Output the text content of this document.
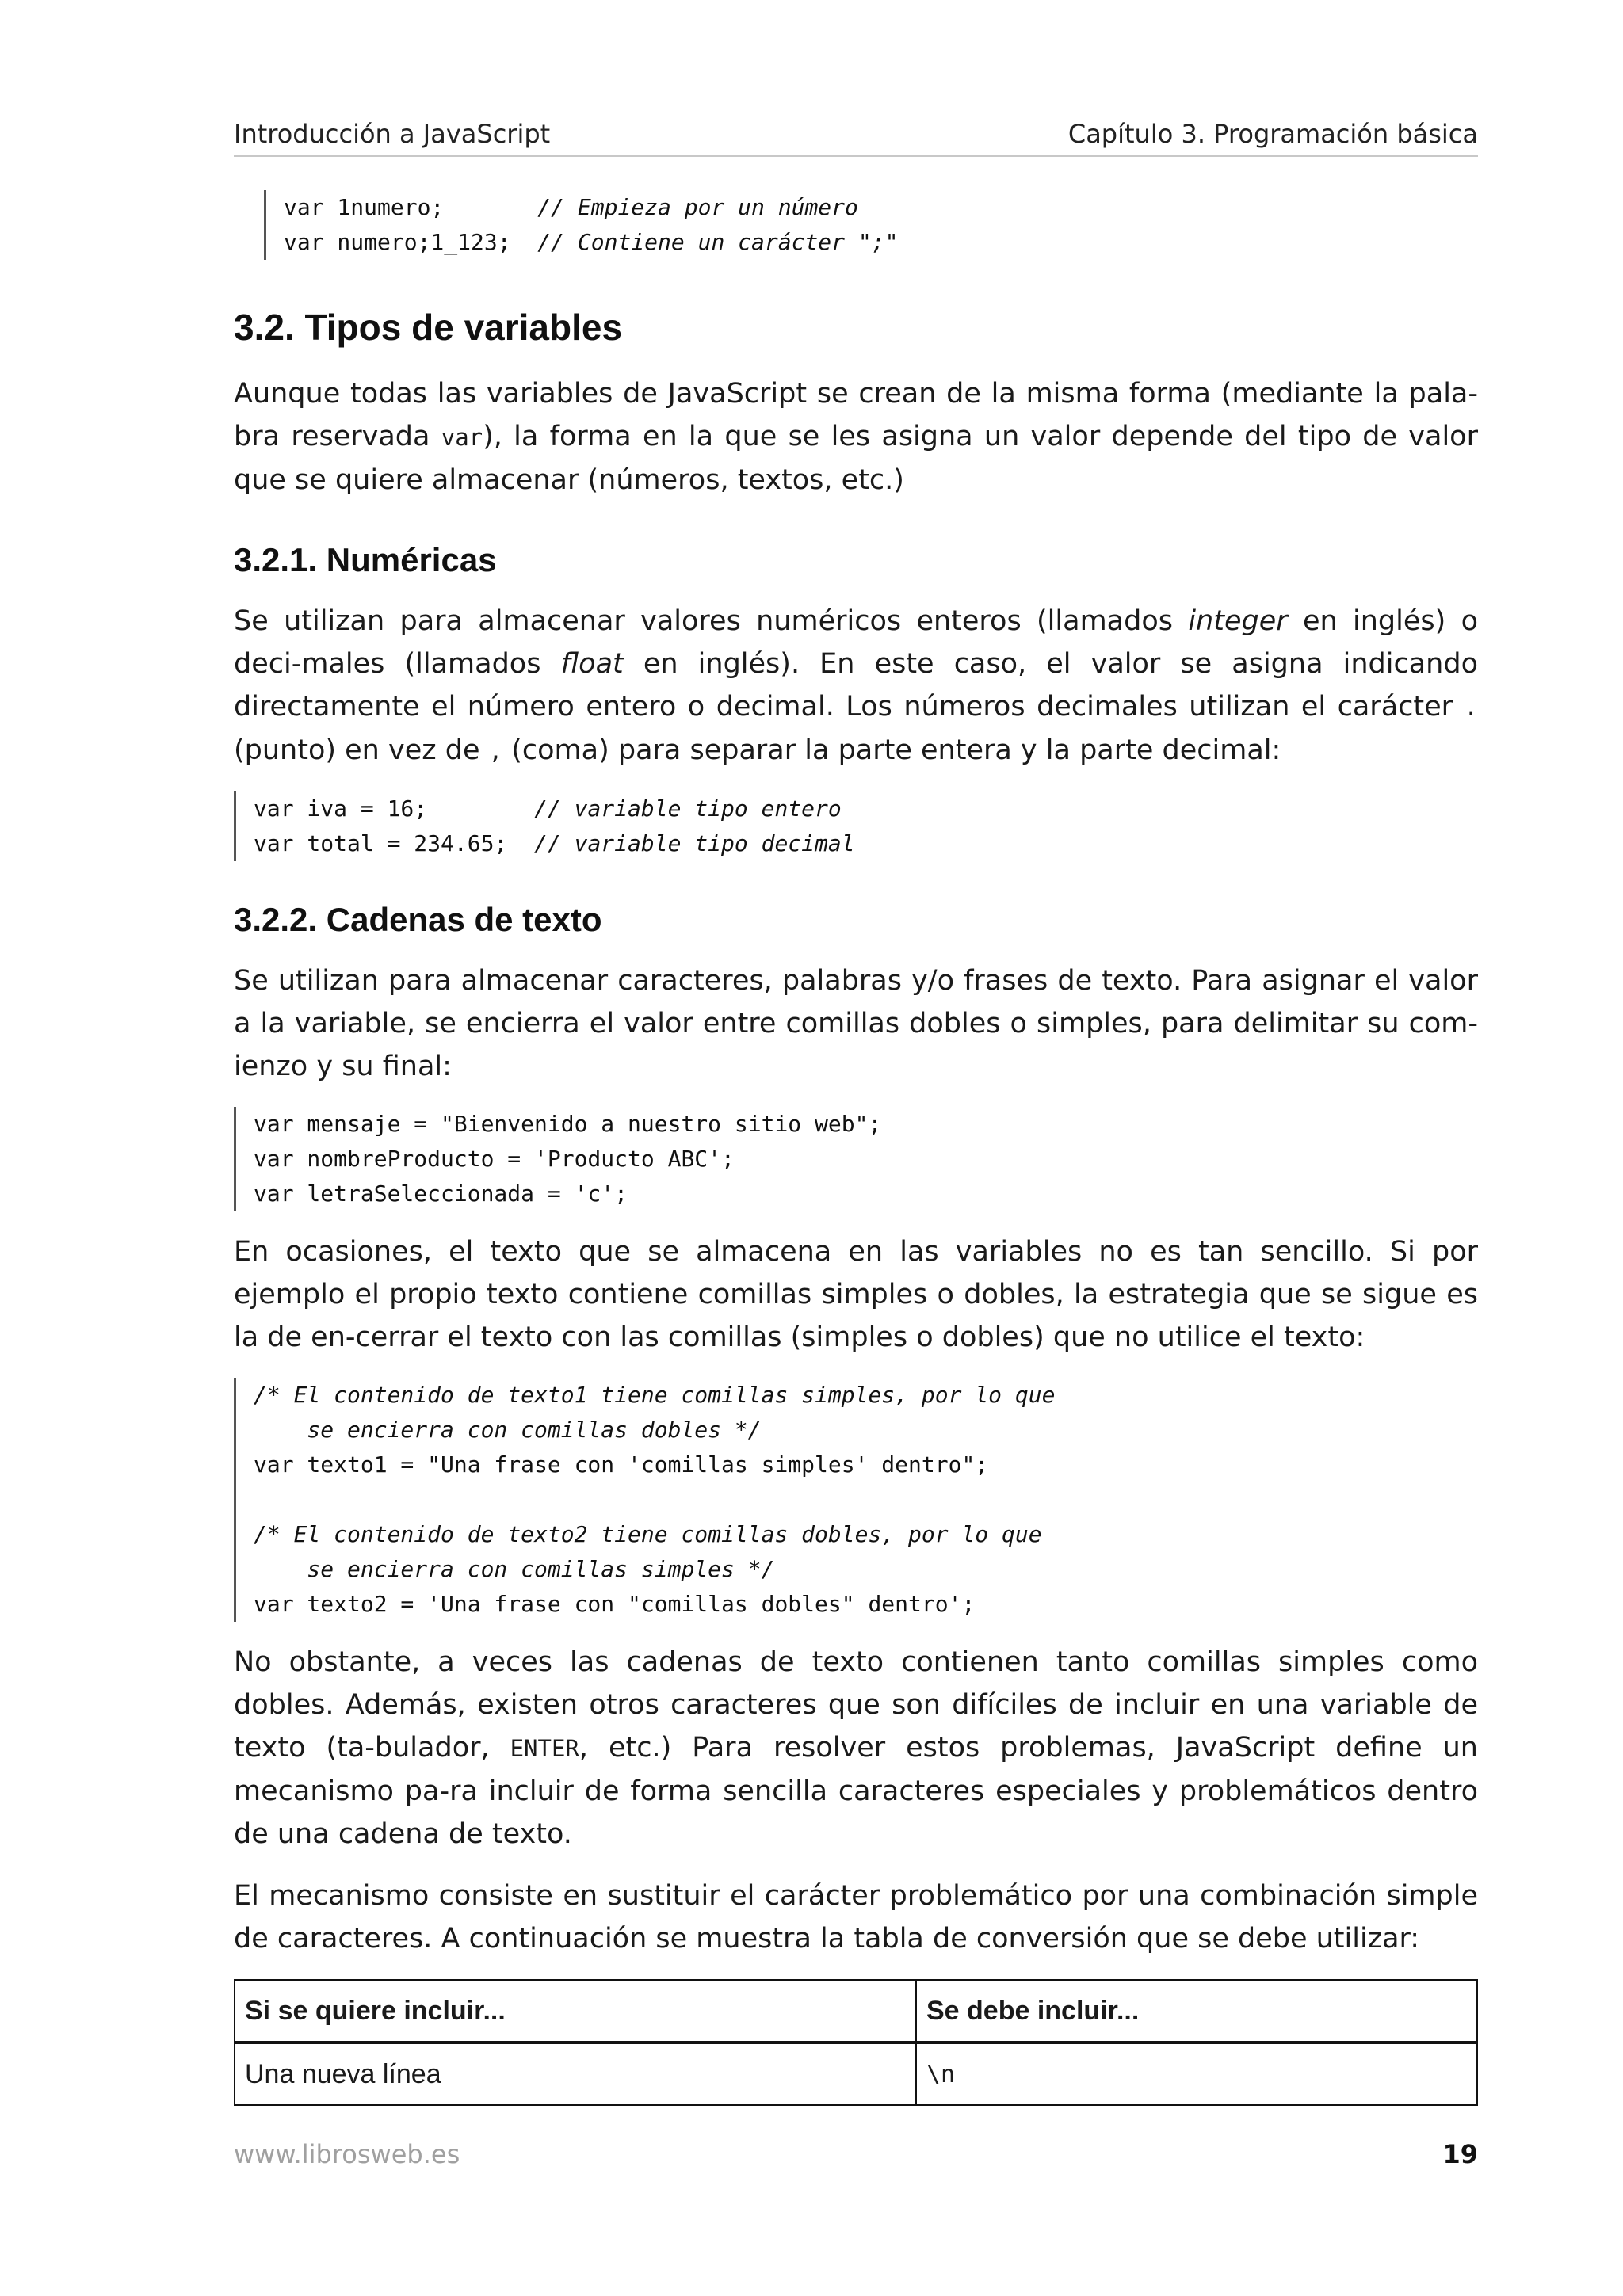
Introducción a JavaScript	Capítulo 3. Programación básica
var 1numero;       // Empieza por un número
var numero;1_123;  // Contiene un carácter ";"
3.2. Tipos de variables

Aunque todas las variables de JavaScript se crean de la misma forma (mediante la pala-bra reservada var), la forma en la que se les asigna un valor depende del tipo de valor que se quiere almacenar (números, textos, etc.)

3.2.1. Numéricas

Se utilizan para almacenar valores numéricos enteros (llamados integer en inglés) o deci-males (llamados float en inglés). En este caso, el valor se asigna indicando directamente el número entero o decimal. Los números decimales utilizan el carácter . (punto) en vez de , (coma) para separar la parte entera y la parte decimal:

var iva = 16;        // variable tipo entero
var total = 234.65;  // variable tipo decimal
3.2.2. Cadenas de texto

Se utilizan para almacenar caracteres, palabras y/o frases de texto. Para asignar el valor a la variable, se encierra el valor entre comillas dobles o simples, para delimitar su com-ienzo y su final:

var mensaje = "Bienvenido a nuestro sitio web";
var nombreProducto = 'Producto ABC';
var letraSeleccionada = 'c';

En ocasiones, el texto que se almacena en las variables no es tan sencillo. Si por ejemplo el propio texto contiene comillas simples o dobles, la estrategia que se sigue es la de en-cerrar el texto con las comillas (simples o dobles) que no utilice el texto:

/* El contenido de texto1 tiene comillas simples, por lo que
se encierra con comillas dobles */
var texto1 = "Una frase con 'comillas simples' dentro";
/* El contenido de texto2 tiene comillas dobles, por lo que
se encierra con comillas simples */
var texto2 = 'Una frase con "comillas dobles" dentro';

No obstante, a veces las cadenas de texto contienen tanto comillas simples como dobles. Además, existen otros caracteres que son difíciles de incluir en una variable de texto (ta-bulador, ENTER, etc.) Para resolver estos problemas, JavaScript define un mecanismo pa-ra incluir de forma sencilla caracteres especiales y problemáticos dentro de una cadena de texto.

El mecanismo consiste en sustituir el carácter problemático por una combinación simple de caracteres. A continuación se muestra la tabla de conversión que se debe utilizar:

Si se quiere incluir...	Se debe incluir...
Una nueva línea	\n
www.librosweb.es	19
